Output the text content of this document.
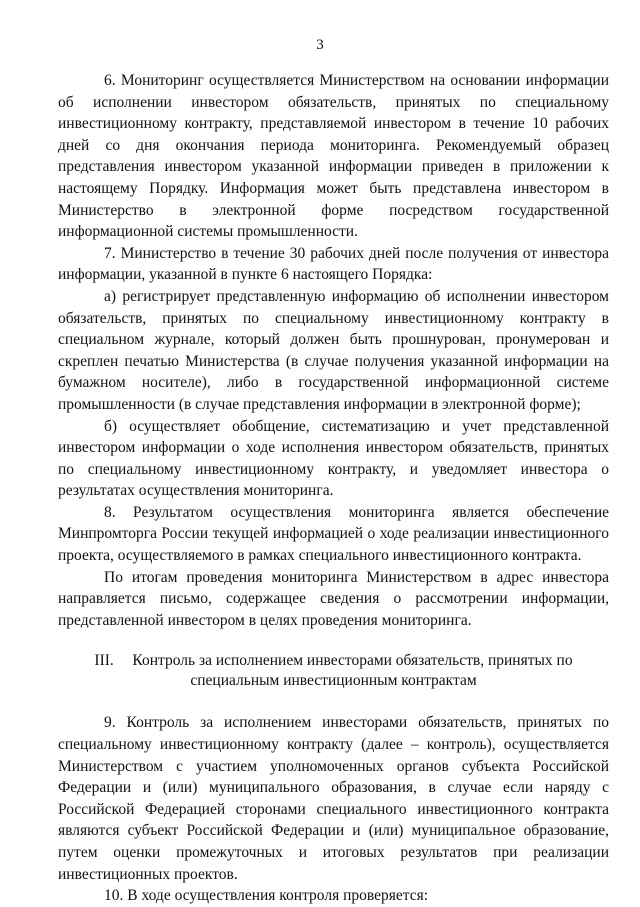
3

6. Мониторинг осуществляется Министерством на основании информации об исполнении инвестором обязательств, принятых по специальному инвестиционному контракту, представляемой инвестором в течение 10 рабочих дней со дня окончания периода мониторинга. Рекомендуемый образец представления инвестором указанной информации приведен в приложении к настоящему Порядку. Информация может быть представлена инвестором в Министерство в электронной форме посредством государственной информационной системы промышленности.

7. Министерство в течение 30 рабочих дней после получения от инвестора информации, указанной в пункте 6 настоящего Порядка:

а) регистрирует представленную информацию об исполнении инвестором обязательств, принятых по специальному инвестиционному контракту в специальном журнале, который должен быть прошнурован, пронумерован и скреплен печатью Министерства (в случае получения указанной информации на бумажном носителе), либо в государственной информационной системе промышленности (в случае представления информации в электронной форме);

б) осуществляет обобщение, систематизацию и учет представленной инвестором информации о ходе исполнения инвестором обязательств, принятых по специальному инвестиционному контракту, и уведомляет инвестора о результатах осуществления мониторинга.

8. Результатом осуществления мониторинга является обеспечение Минпромторга России текущей информацией о ходе реализации инвестиционного проекта, осуществляемого в рамках специального инвестиционного контракта.

По итогам проведения мониторинга Министерством в адрес инвестора направляется письмо, содержащее сведения о рассмотрении информации, представленной инвестором в целях проведения мониторинга.

III. Контроль за исполнением инвесторами обязательств, принятых по
специальным инвестиционным контрактам

9. Контроль за исполнением инвесторами обязательств, принятых по специальному инвестиционному контракту (далее – контроль), осуществляется Министерством с участием уполномоченных органов субъекта Российской Федерации и (или) муниципального образования, в случае если наряду с Российской Федерацией сторонами специального инвестиционного контракта являются субъект Российской Федерации и (или) муниципальное образование, путем оценки промежуточных и итоговых результатов при реализации инвестиционных проектов.

10. В ходе осуществления контроля проверяется:
